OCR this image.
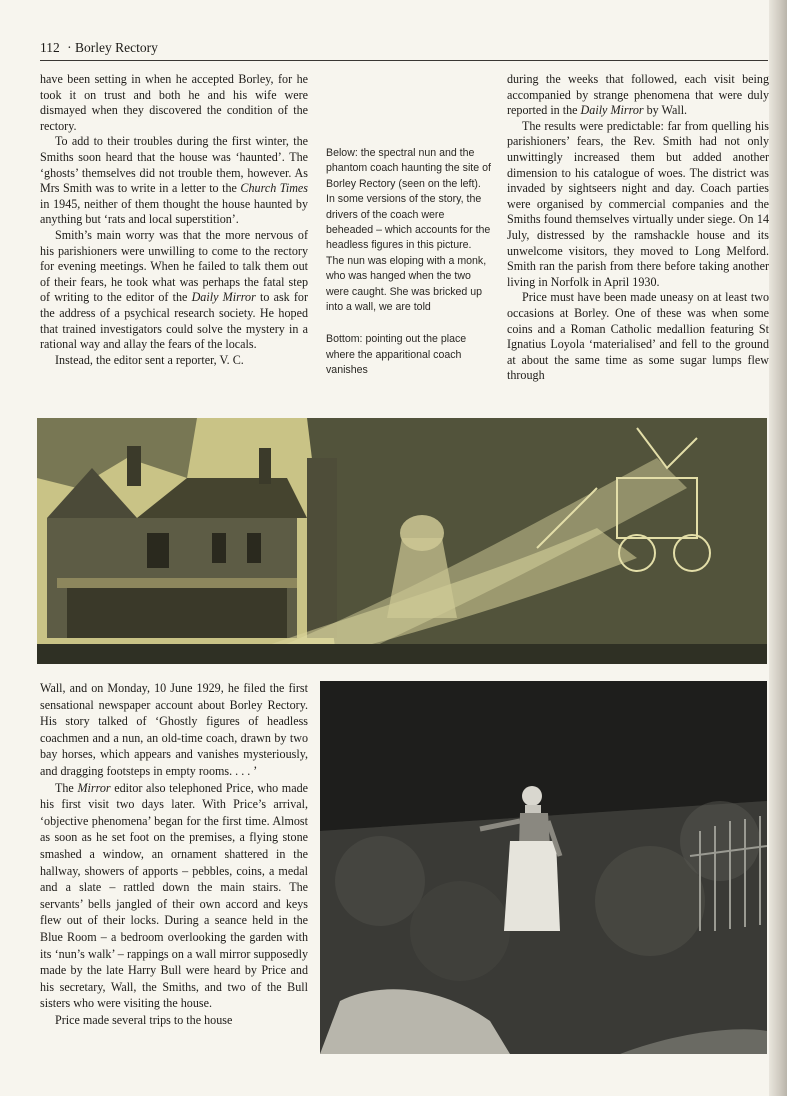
112 · Borley Rectory

have been setting in when he accepted Borley, for he took it on trust and both he and his wife were dismayed when they discovered the condition of the rectory.

To add to their troubles during the first winter, the Smiths soon heard that the house was ‘haunted’. The ‘ghosts’ themselves did not trouble them, however. As Mrs Smith was to write in a letter to the Church Times in 1945, neither of them thought the house haunted by anything but ‘rats and local superstition’.

Smith’s main worry was that the more nervous of his parishioners were unwilling to come to the rectory for evening meetings. When he failed to talk them out of their fears, he took what was perhaps the fatal step of writing to the editor of the Daily Mirror to ask for the address of a psychical research society. He hoped that trained investigators could solve the mystery in a rational way and allay the fears of the locals.

Instead, the editor sent a reporter, V. C.

Below: the spectral nun and the phantom coach haunting the site of Borley Rectory (seen on the left). In some versions of the story, the drivers of the coach were beheaded – which accounts for the headless figures in this picture. The nun was eloping with a monk, who was hanged when the two were caught. She was bricked up into a wall, we are told

Bottom: pointing out the place where the apparitional coach vanishes

during the weeks that followed, each visit being accompanied by strange phenomena that were duly reported in the Daily Mirror by Wall.

The results were predictable: far from quelling his parishioners’ fears, the Rev. Smith had not only unwittingly increased them but added another dimension to his catalogue of woes. The district was invaded by sightseers night and day. Coach parties were organised by commercial companies and the Smiths found themselves virtually under siege. On 14 July, distressed by the ramshackle house and its unwelcome visitors, they moved to Long Melford. Smith ran the parish from there before taking another living in Norfolk in April 1930.

Price must have been made uneasy on at least two occasions at Borley. One of these was when some coins and a Roman Catholic medallion featuring St Ignatius Loyola ‘materialised’ and fell to the ground at about the same time as some sugar lumps flew through

Wall, and on Monday, 10 June 1929, he filed the first sensational newspaper account about Borley Rectory. His story talked of ‘Ghostly figures of headless coachmen and a nun, an old-time coach, drawn by two bay horses, which appears and vanishes mysteriously, and dragging footsteps in empty rooms. . . . ’

The Mirror editor also telephoned Price, who made his first visit two days later. With Price’s arrival, ‘objective phenomena’ began for the first time. Almost as soon as he set foot on the premises, a flying stone smashed a window, an ornament shattered in the hallway, showers of apports – pebbles, coins, a medal and a slate – rattled down the main stairs. The servants’ bells jangled of their own accord and keys flew out of their locks. During a seance held in the Blue Room – a bedroom overlooking the garden with its ‘nun’s walk’ – rappings on a wall mirror supposedly made by the late Harry Bull were heard by Price and his secretary, Wall, the Smiths, and two of the Bull sisters who were visiting the house.

Price made several trips to the house
